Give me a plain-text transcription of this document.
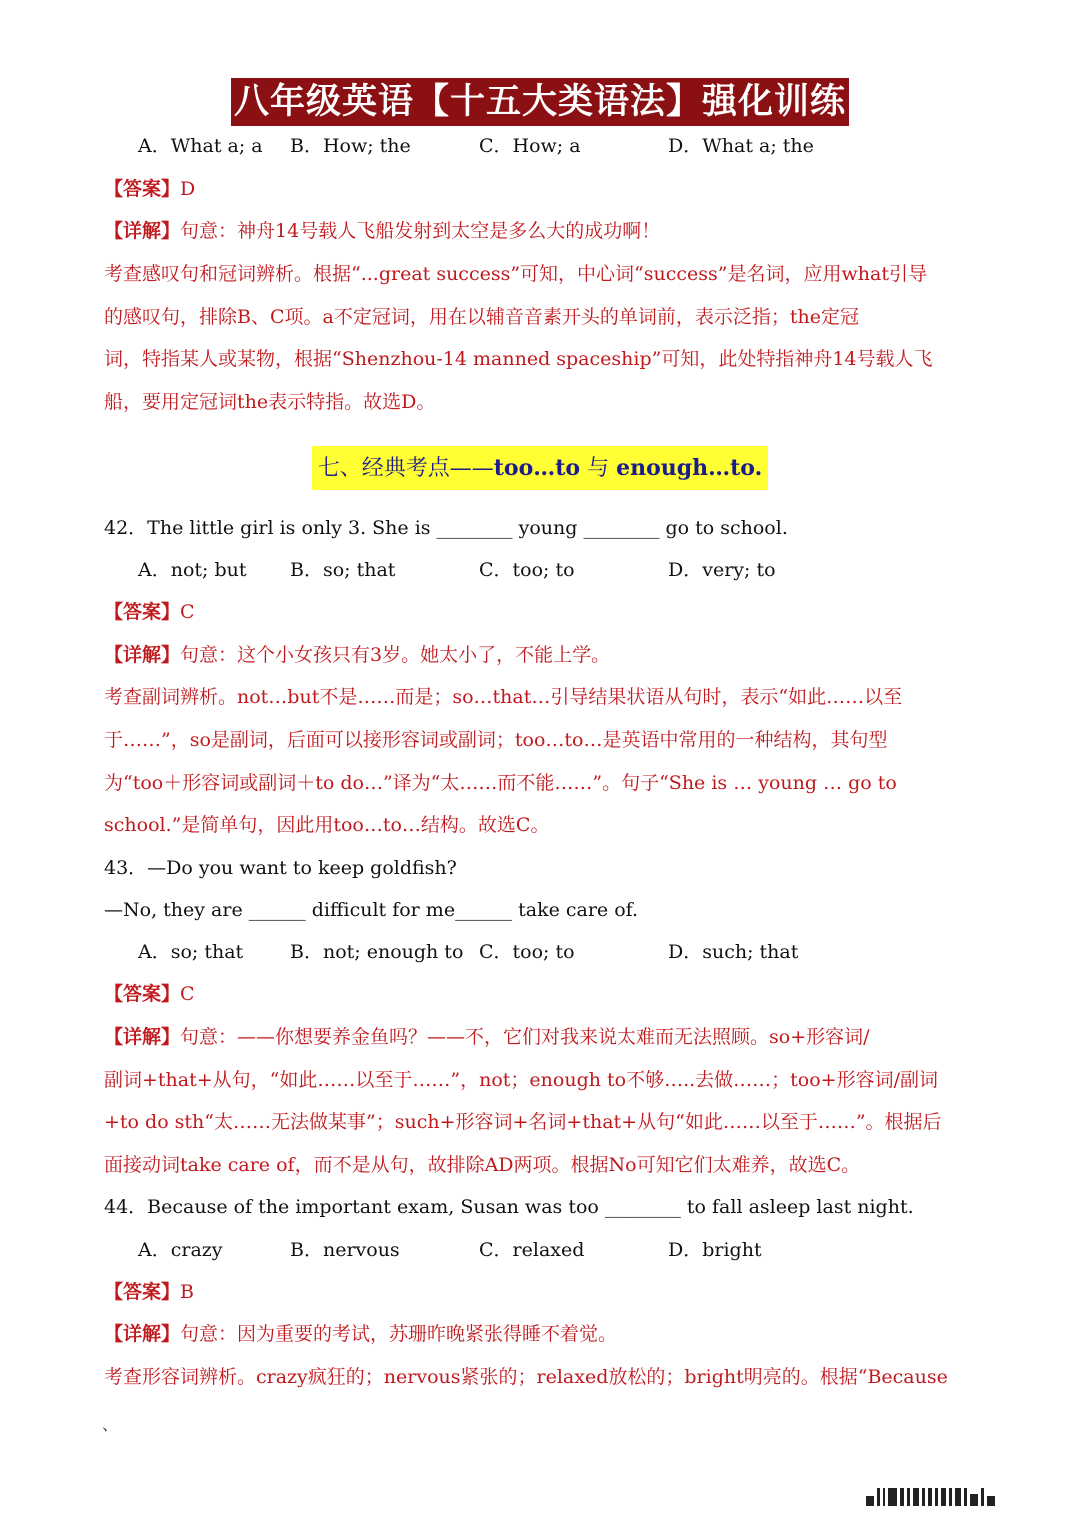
八年级英语【十五大类语法】强化训练
A．What a; a B．How; the	C．How; a	D．What a; the
【答案】D
【详解】句意：神舟14号载人飞船发射到太空是多么大的成功啊！
考查感叹句和冠词辨析。根据“...great success”可知，中心词“success”是名词，应用what引导
的感叹句，排除B、C项。a不定冠词，用在以辅音音素开头的单词前，表示泛指；the定冠
词，特指某人或某物，根据“Shenzhou-14 manned spaceship”可知，此处特指神舟14号载人飞
船，要用定冠词the表示特指。故选D。
七、经典考点——too…to 与 enough…to.
42．The little girl is only 3. She is ________ young ________ go to school.
A．not; but B．so; that	C．too; to	D．very; to
【答案】C
【详解】句意：这个小女孩只有3岁。她太小了，不能上学。
考查副词辨析。not…but不是……而是；so…that…引导结果状语从句时，表示“如此……以至
于……”，so是副词，后面可以接形容词或副词；too…to…是英语中常用的一种结构，其句型
为“too＋形容词或副词＋to do…”译为“太……而不能……”。句子“She is … young … go to
school.”是简单句，因此用too…to…结构。故选C。
43．—Do you want to keep goldfish?
—No, they are ______ difficult for me______ take care of.
A．so; that B．not; enough to C．too; to	D．such; that
【答案】C
【详解】句意：——你想要养金鱼吗？——不，它们对我来说太难而无法照顾。so+形容词/
副词+that+从句，“如此……以至于……”，not；enough to不够…..去做……；too+形容词/副词
+to do sth“太……无法做某事”；such+形容词+名词+that+从句“如此……以至于……”。根据后
面接动词take care of，而不是从句，故排除AD两项。根据No可知它们太难养，故选C。
44．Because of the important exam, Susan was too ________ to fall asleep last night.
A．crazy	B．nervous	C．relaxed	D．bright
【答案】B
【详解】句意：因为重要的考试，苏珊昨晚紧张得睡不着觉。
考查形容词辨析。crazy疯狂的；nervous紧张的；relaxed放松的；bright明亮的。根据“Because
、
